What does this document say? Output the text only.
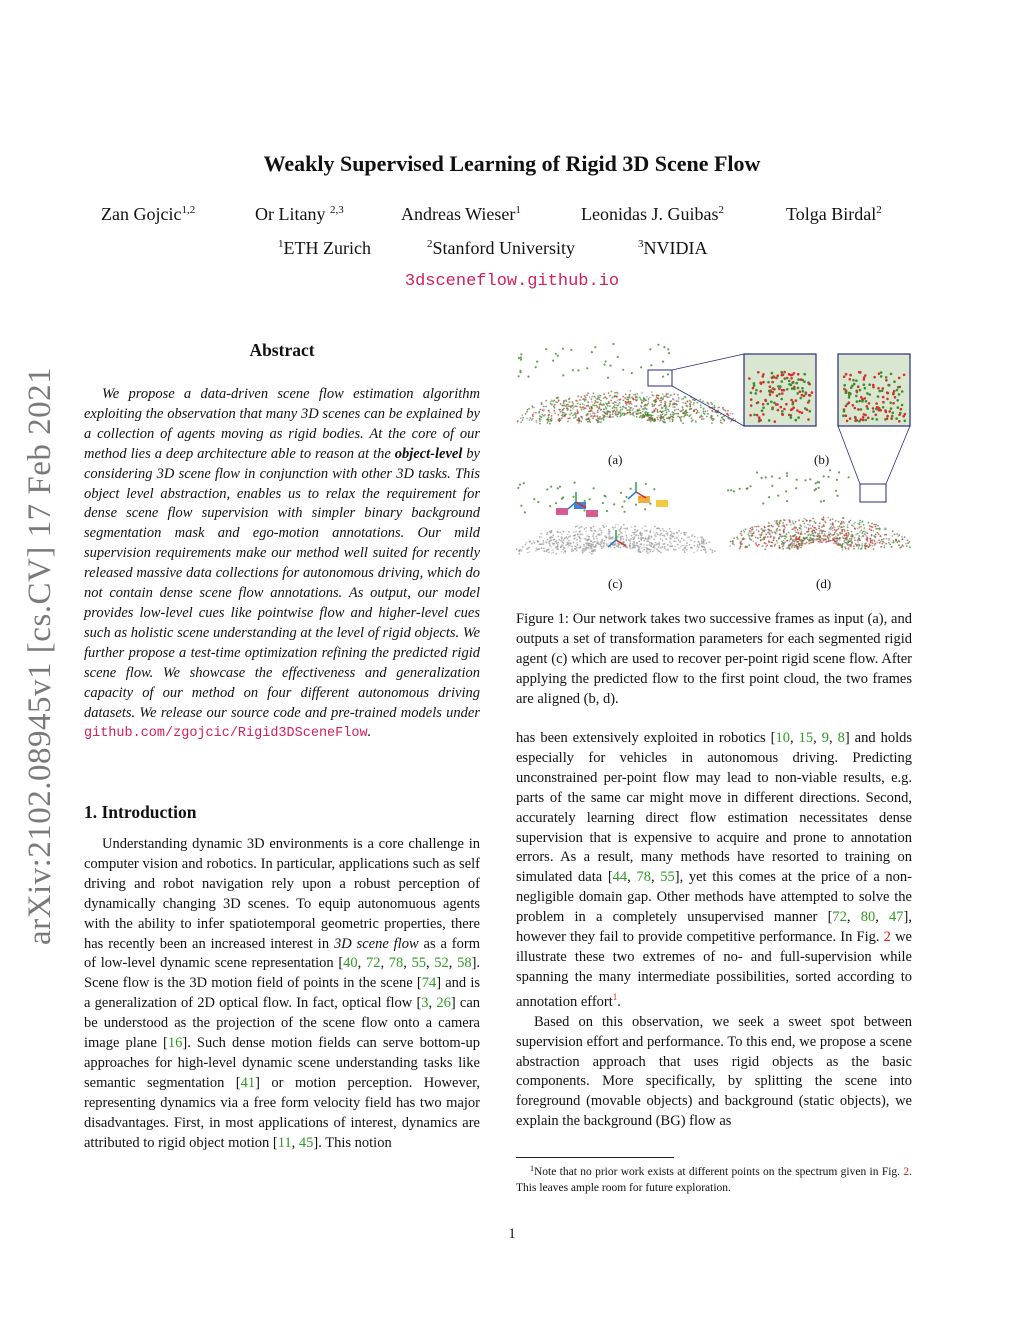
Weakly Supervised Learning of Rigid 3D Scene Flow
Zan Gojcic$^{1,2}$	Or Litany $^{2,3}$	Andreas Wieser$^1$	Leonidas J. Guibas$^2$	Tolga Birdal$^2$
$^1$ETH Zurich	$^2$Stanford University	$^3$NVIDIA
3dsceneflow.github.io
arXiv:2102.08945v1 [cs.CV] 17 Feb 2021
Abstract
We propose a data-driven scene flow estimation algorithm exploiting the observation that many 3D scenes can be explained by a collection of agents moving as rigid bodies. At the core of our method lies a deep architecture able to reason at the object-level by considering 3D scene flow in conjunction with other 3D tasks. This object level abstraction, enables us to relax the requirement for dense scene flow supervision with simpler binary background segmentation mask and ego-motion annotations. Our mild supervision requirements make our method well suited for recently released massive data collections for autonomous driving, which do not contain dense scene flow annotations. As output, our model provides low-level cues like pointwise flow and higher-level cues such as holistic scene understanding at the level of rigid objects. We further propose a test-time optimization refining the predicted rigid scene flow. We showcase the effectiveness and generalization capacity of our method on four different autonomous driving datasets. We release our source code and pre-trained models under github.com/zgojcic/Rigid3DSceneFlow.
1. Introduction

Understanding dynamic 3D environments is a core challenge in computer vision and robotics. In particular, applications such as self driving and robot navigation rely upon a robust perception of dynamically changing 3D scenes. To equip autonomuous agents with the ability to infer spatiotemporal geometric properties, there has recently been an increased interest in 3D scene flow as a form of low-level dynamic scene representation [40, 72, 78, 55, 52, 58]. Scene flow is the 3D motion field of points in the scene [74] and is a generalization of 2D optical flow. In fact, optical flow [3, 26] can be understood as the projection of the scene flow onto a camera image plane [16]. Such dense motion fields can serve bottom-up approaches for high-level dynamic scene understanding tasks like semantic segmentation [41] or motion perception. However, representing dynamics via a free form velocity field has two major disadvantages. First, in most applications of interest, dynamics are attributed to rigid object motion [11, 45]. This notion

(a)	(b)
(c)	(d)
Figure 1: Our network takes two successive frames as input (a), and outputs a set of transformation parameters for each segmented rigid agent (c) which are used to recover per-point rigid scene flow. After applying the predicted flow to the first point cloud, the two frames are aligned (b, d).

has been extensively exploited in robotics [10, 15, 9, 8] and holds especially for vehicles in autonomous driving. Predicting unconstrained per-point flow may lead to non-viable results, e.g. parts of the same car might move in different directions. Second, accurately learning direct flow estimation necessitates dense supervision that is expensive to acquire and prone to annotation errors. As a result, many methods have resorted to training on simulated data [44, 78, 55], yet this comes at the price of a non-negligible domain gap. Other methods have attempted to solve the problem in a completely unsupervised manner [72, 80, 47], however they fail to provide competitive performance. In Fig. 2 we illustrate these two extremes of no- and full-supervision while spanning the many intermediate possibilities, sorted according to annotation effort$^1$.

Based on this observation, we seek a sweet spot between supervision effort and performance. To this end, we propose a scene abstraction approach that uses rigid objects as the basic components. More specifically, by splitting the scene into foreground (movable objects) and background (static objects), we explain the background (BG) flow as

$^1$Note that no prior work exists at different points on the spectrum given in Fig. 2. This leaves ample room for future exploration.
1
